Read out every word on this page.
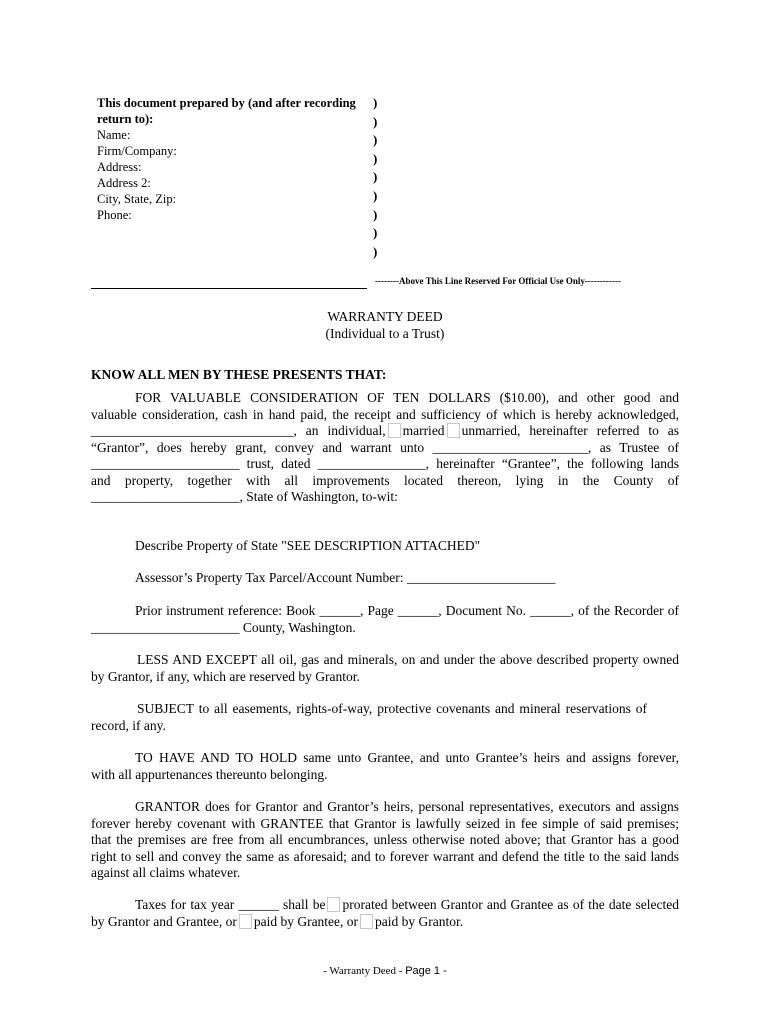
This document prepared by (and after recording
return to):
Name:
Firm/Company:
Address:
Address 2:
City, State, Zip:
Phone:
)
)
)
)
)
)
)
)
)
--------Above This Line Reserved For Official Use Only------------
WARRANTY DEED
(Individual to a Trust)
KNOW ALL MEN BY THESE PRESENTS THAT:
FOR VALUABLE CONSIDERATION OF TEN DOLLARS ($10.00), and other good and
valuable consideration, cash in hand paid, the receipt and sufficiency of which is hereby acknowledged,
______________________________, an individual, married unmarried, hereinafter referred to as
“Grantor”, does hereby grant, convey and warrant unto _______________________, as Trustee of
______________________ trust, dated ________________, hereinafter “Grantee”, the following lands
and property, together with all improvements located thereon, lying in the County of
______________________, State of Washington, to-wit:
Describe Property of State "SEE DESCRIPTION ATTACHED"
Assessor’s Property Tax Parcel/Account Number: ______________________
Prior instrument reference: Book ______, Page ______, Document No. ______, of the Recorder of
______________________ County, Washington.
LESS AND EXCEPT all oil, gas and minerals, on and under the above described property owned
by Grantor, if any, which are reserved by Grantor.
SUBJECT to all easements, rights-of-way, protective covenants and mineral reservations of
record, if any.
TO HAVE AND TO HOLD same unto Grantee, and unto Grantee’s heirs and assigns forever,
with all appurtenances thereunto belonging.
GRANTOR does for Grantor and Grantor’s heirs, personal representatives, executors and assigns
forever hereby covenant with GRANTEE that Grantor is lawfully seized in fee simple of said premises;
that the premises are free from all encumbrances, unless otherwise noted above; that Grantor has a good
right to sell and convey the same as aforesaid; and to forever warrant and defend the title to the said lands
against all claims whatever.
Taxes for tax year ______ shall be prorated between Grantor and Grantee as of the date selected
by Grantor and Grantee, or paid by Grantee, or paid by Grantor.
- Warranty Deed - Page 1 -
